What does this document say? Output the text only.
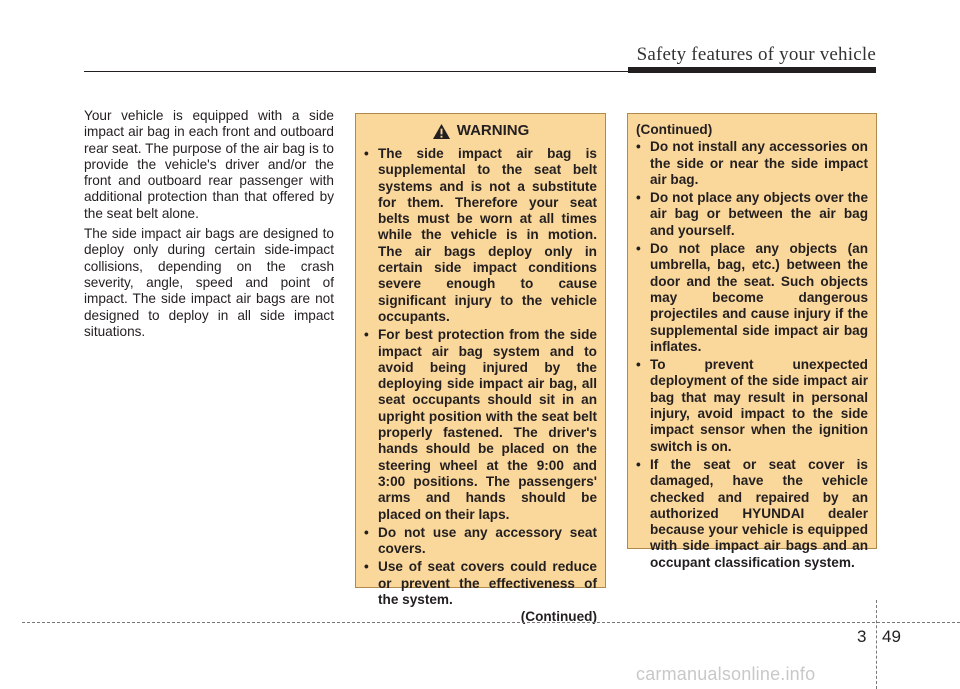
Safety features of your vehicle

Your vehicle is equipped with a side impact air bag in each front and outboard rear seat. The purpose of the air bag is to provide the vehicle's driver and/or the front and outboard rear passenger with additional protection than that offered by the seat belt alone.

The side impact air bags are designed to deploy only during certain side-impact collisions, depending on the crash severity, angle, speed and point of impact. The side impact air bags are not designed to deploy in all side impact situations.

WARNING
• The side impact air bag is supplemental to the seat belt systems and is not a substitute for them. Therefore your seat belts must be worn at all times while the vehicle is in motion. The air bags deploy only in certain side impact conditions severe enough to cause significant injury to the vehicle occupants.
• For best protection from the side impact air bag system and to avoid being injured by the deploying side impact air bag, all seat occupants should sit in an upright position with the seat belt properly fastened. The driver's hands should be placed on the steering wheel at the 9:00 and 3:00 positions. The passengers' arms and hands should be placed on their laps.
• Do not use any accessory seat covers.
• Use of seat covers could reduce or prevent the effectiveness of the system.
(Continued)
(Continued)
• Do not install any accessories on the side or near the side impact air bag.
• Do not place any objects over the air bag or between the air bag and yourself.
• Do not place any objects (an umbrella, bag, etc.) between the door and the seat. Such objects may become dangerous projectiles and cause injury if the supplemental side impact air bag inflates.
• To prevent unexpected deployment of the side impact air bag that may result in personal injury, avoid impact to the side impact sensor when the ignition switch is on.
• If the seat or seat cover is damaged, have the vehicle checked and repaired by an authorized HYUNDAI dealer because your vehicle is equipped with side impact air bags and an occupant classification system.
3 49
carmanualsonline.info
